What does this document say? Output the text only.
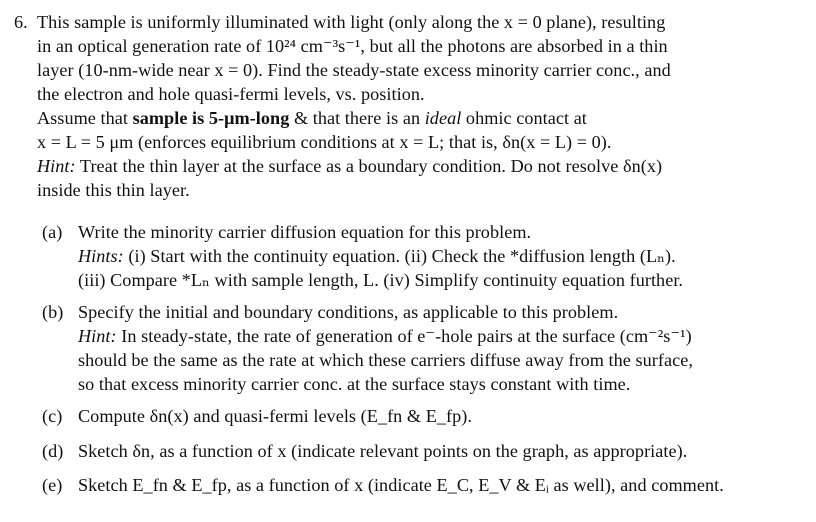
6. This sample is uniformly illuminated with light (only along the x = 0 plane), resulting
in an optical generation rate of 10²⁴ cm⁻³s⁻¹, but all the photons are absorbed in a thin
layer (10-nm-wide near x = 0). Find the steady-state excess minority carrier conc., and
the electron and hole quasi-fermi levels, vs. position.
Assume that sample is 5-μm-long & that there is an ideal ohmic contact at
x = L = 5 μm (enforces equilibrium conditions at x = L; that is, δn(x = L) = 0).
Hint: Treat the thin layer at the surface as a boundary condition. Do not resolve δn(x)
inside this thin layer.
(a) Write the minority carrier diffusion equation for this problem.
Hints: (i) Start with the continuity equation. (ii) Check the *diffusion length (Lₙ).
(iii) Compare *Lₙ with sample length, L. (iv) Simplify continuity equation further.
(b) Specify the initial and boundary conditions, as applicable to this problem.
Hint: In steady-state, the rate of generation of e⁻-hole pairs at the surface (cm⁻²s⁻¹)
should be the same as the rate at which these carriers diffuse away from the surface,
so that excess minority carrier conc. at the surface stays constant with time.
(c) Compute δn(x) and quasi-fermi levels (E_fn & E_fp).
(d) Sketch δn, as a function of x (indicate relevant points on the graph, as appropriate).
(e) Sketch E_fn & E_fp, as a function of x (indicate E_C, E_V & Eᵢ as well), and comment.
